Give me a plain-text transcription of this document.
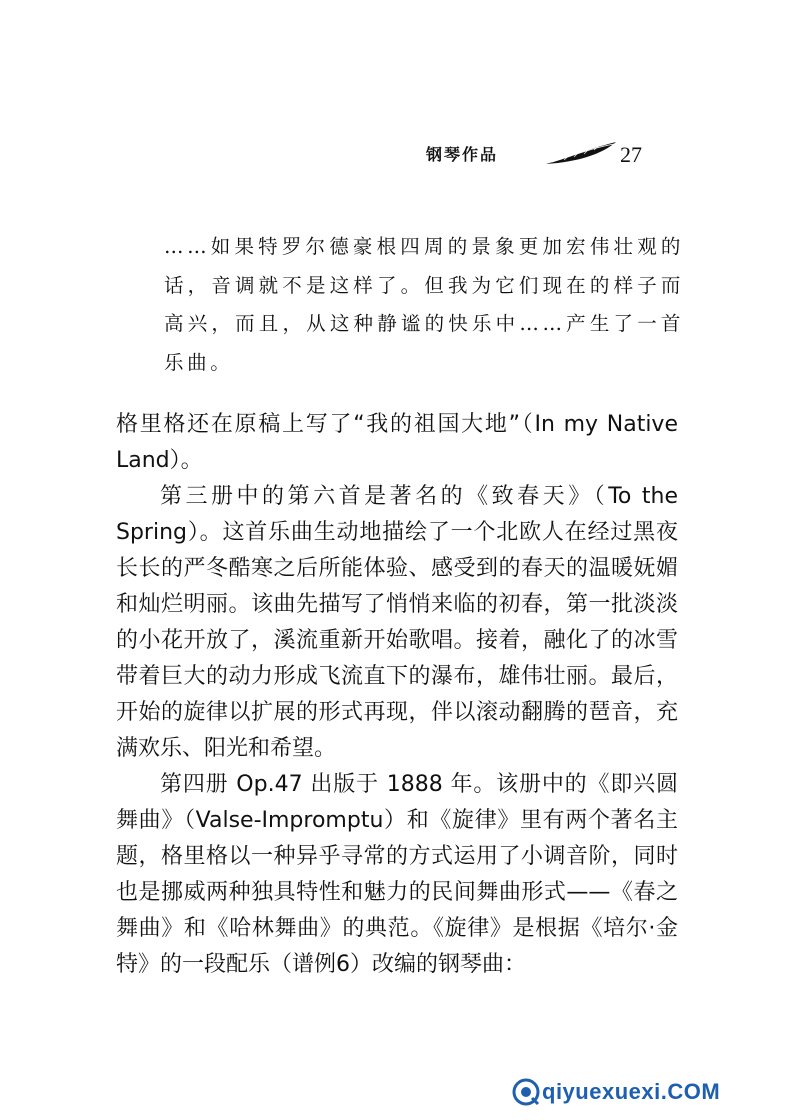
钢琴作品	27

……如果特罗尔德豪根四周的景象更加宏伟壮观的话，音调就不是这样了。但我为它们现在的样子而高兴，而且，从这种静谧的快乐中……产生了一首乐曲。

格里格还在原稿上写了“我的祖国大地”（In my Native Land）。

第三册中的第六首是著名的《致春天》（To the Spring）。这首乐曲生动地描绘了一个北欧人在经过黑夜长长的严冬酷寒之后所能体验、感受到的春天的温暖妩媚和灿烂明丽。该曲先描写了悄悄来临的初春，第一批淡淡的小花开放了，溪流重新开始歌唱。接着，融化了的冰雪带着巨大的动力形成飞流直下的瀑布，雄伟壮丽。最后，开始的旋律以扩展的形式再现，伴以滚动翻腾的琶音，充满欢乐、阳光和希望。

第四册 Op.47 出版于 1888 年。该册中的《即兴圆舞曲》（Valse-Impromptu）和《旋律》里有两个著名主题，格里格以一种异乎寻常的方式运用了小调音阶，同时也是挪威两种独具特性和魅力的民间舞曲形式——《春之舞曲》和《哈林舞曲》的典范。《旋律》是根据《培尔·金特》的一段配乐（谱例6）改编的钢琴曲：

qiyuexuexi.COM
